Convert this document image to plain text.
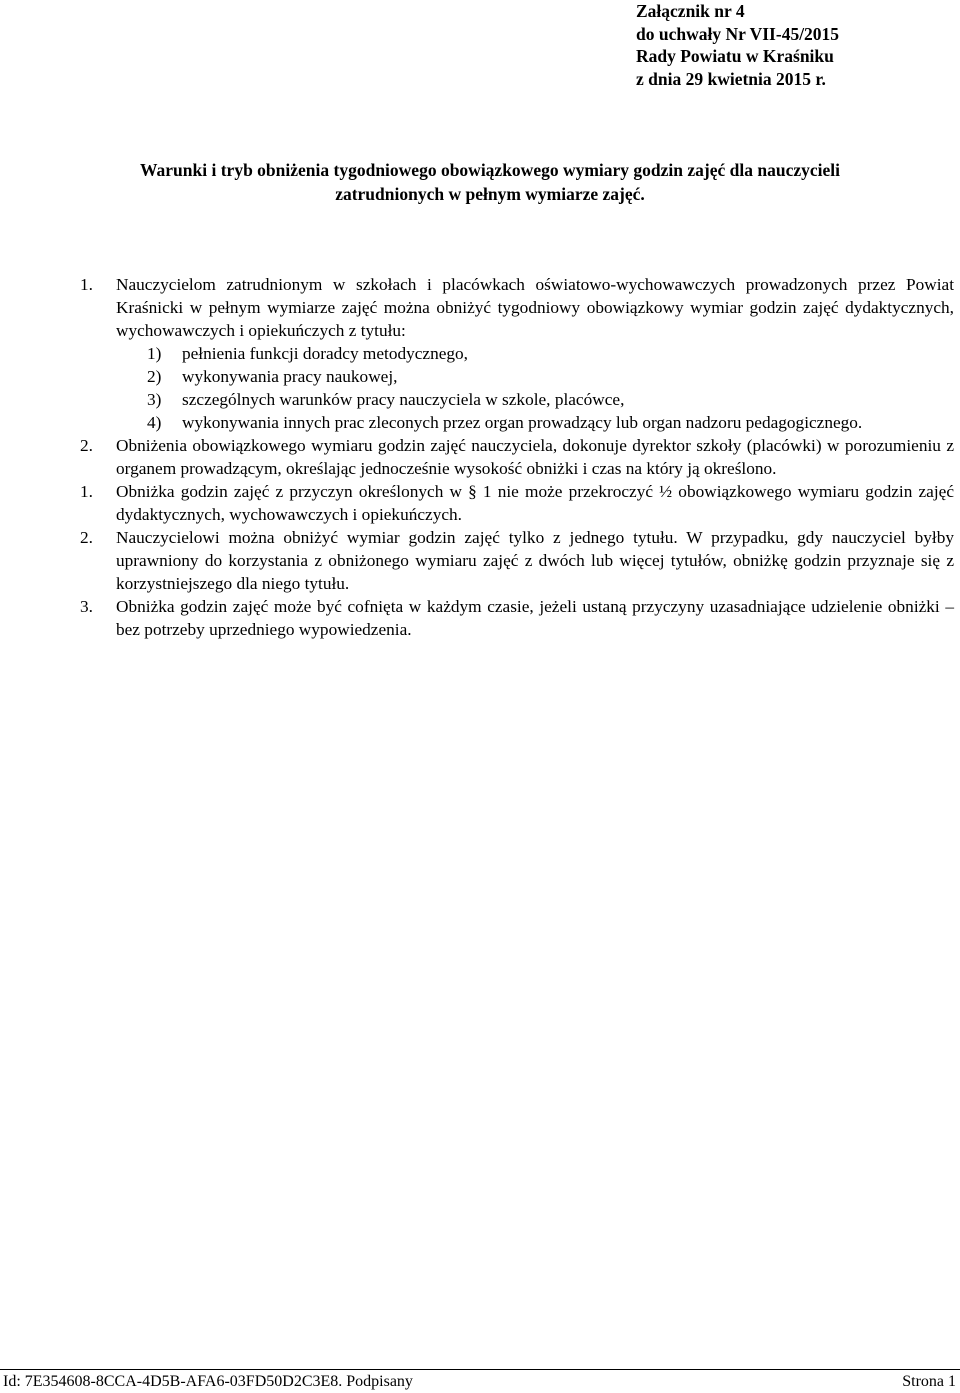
Załącznik nr 4
do uchwały Nr VII-45/2015
Rady Powiatu w Kraśniku
z dnia 29 kwietnia 2015 r.
Warunki i tryb obniżenia tygodniowego obowiązkowego wymiary godzin zajęć dla nauczycieli
zatrudnionych w pełnym wymiarze zajęć.
1. Nauczycielom zatrudnionym w szkołach i placówkach oświatowo-wychowawczych prowadzonych przez Powiat Kraśnicki w pełnym wymiarze zajęć można obniżyć tygodniowy obowiązkowy wymiar godzin zajęć dydaktycznych, wychowawczych i opiekuńczych z tytułu:
1) pełnienia funkcji doradcy metodycznego,
2) wykonywania pracy naukowej,
3) szczególnych warunków pracy nauczyciela w szkole, placówce,
4) wykonywania innych prac zleconych przez organ prowadzący lub organ nadzoru pedagogicznego.
2. Obniżenia obowiązkowego wymiaru godzin zajęć nauczyciela, dokonuje dyrektor szkoły (placówki) w porozumieniu z organem prowadzącym, określając jednocześnie wysokość obniżki i czas na który ją określono.
1. Obniżka godzin zajęć z przyczyn określonych w § 1 nie może przekroczyć ½ obowiązkowego wymiaru godzin zajęć dydaktycznych, wychowawczych i opiekuńczych.
2. Nauczycielowi można obniżyć wymiar godzin zajęć tylko z jednego tytułu. W przypadku, gdy nauczyciel byłby uprawniony do korzystania z obniżonego wymiaru zajęć z dwóch lub więcej tytułów, obniżkę godzin przyznaje się z korzystniejszego dla niego tytułu.
3. Obniżka godzin zajęć może być cofnięta w każdym czasie, jeżeli ustaną przyczyny uzasadniające udzielenie obniżki – bez potrzeby uprzedniego wypowiedzenia.
Id: 7E354608-8CCA-4D5B-AFA6-03FD50D2C3E8. Podpisany	Strona 1
